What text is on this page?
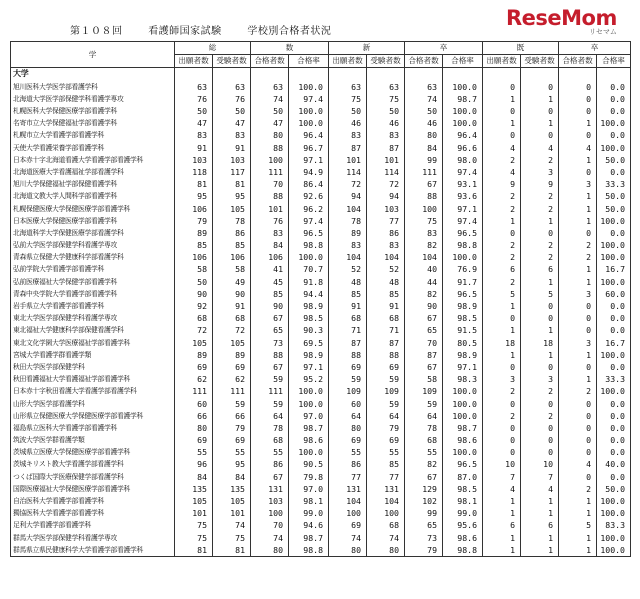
第１０８回	看護師国家試験	学校別合格者状況
ReseMom
リセマム
学	総		数		新		卒		既		卒	
	出願者数	受験者数	合格者数	合格率	出願者数	受験者数	合格者数	合格率	出願者数	受験者数	合格者数	合格率
大学												
旭川医科大学医学部看護学科	63	63	63	100.0	63	63	63	100.0	0	0	0	0.0
北海道大学医学部保健学科看護学専攻	76	76	74	97.4	75	75	74	98.7	1	1	0	0.0
札幌医科大学保健医療学部看護学科	50	50	50	100.0	50	50	50	100.0	0	0	0	0.0
名寄市立大学保健福祉学部看護学科	47	47	47	100.0	46	46	46	100.0	1	1	1	100.0
札幌市立大学看護学部看護学科	83	83	80	96.4	83	83	80	96.4	0	0	0	0.0
天使大学看護栄養学部看護学科	91	91	88	96.7	87	87	84	96.6	4	4	4	100.0
日本赤十字北海道看護大学看護学部看護学科	103	103	100	97.1	101	101	99	98.0	2	2	1	50.0
北海道医療大学看護福祉学部看護学科	118	117	111	94.9	114	114	111	97.4	4	3	0	0.0
旭川大学保健福祉学部保健看護学科	81	81	70	86.4	72	72	67	93.1	9	9	3	33.3
北海道文教大学人間科学部看護学科	95	95	88	92.6	94	94	88	93.6	2	2	1	50.0
札幌保健医療大学保健医療学部看護学科	106	105	101	96.2	104	103	100	97.1	2	2	1	50.0
日本医療大学保健医療学部看護学科	79	78	76	97.4	78	77	75	97.4	1	1	1	100.0
北海道科学大学保健医療学部看護学科	89	86	83	96.5	89	86	83	96.5	0	0	0	0.0
弘前大学医学部保健学科看護学専攻	85	85	84	98.8	83	83	82	98.8	2	2	2	100.0
青森県立保健大学健康科学部看護学科	106	106	106	100.0	104	104	104	100.0	2	2	2	100.0
弘前学院大学看護学部看護学科	58	58	41	70.7	52	52	40	76.9	6	6	1	16.7
弘前医療福祉大学保健学部看護学科	50	49	45	91.8	48	48	44	91.7	2	1	1	100.0
青森中央学院大学看護学部看護学科	90	90	85	94.4	85	85	82	96.5	5	5	3	60.0
岩手県立大学看護学部看護学科	92	91	90	98.9	91	91	90	98.9	1	0	0	0.0
東北大学医学部保健学科看護学専攻	68	68	67	98.5	68	68	67	98.5	0	0	0	0.0
東北福祉大学健康科学部保健看護学科	72	72	65	90.3	71	71	65	91.5	1	1	0	0.0
東北文化学園大学医療福祉学部看護学科	105	105	73	69.5	87	87	70	80.5	18	18	3	16.7
宮城大学看護学群看護学類	89	89	88	98.9	88	88	87	98.9	1	1	1	100.0
秋田大学医学部保健学科	69	69	67	97.1	69	69	67	97.1	0	0	0	0.0
秋田看護福祉大学看護福祉学部看護学科	62	62	59	95.2	59	59	58	98.3	3	3	1	33.3
日本赤十字秋田看護大学看護学部看護学科	111	111	111	100.0	109	109	109	100.0	2	2	2	100.0
山形大学医学部看護学科	60	59	59	100.0	60	59	59	100.0	0	0	0	0.0
山形県立保健医療大学保健医療学部看護学科	66	66	64	97.0	64	64	64	100.0	2	2	0	0.0
福島県立医科大学看護学部看護学科	80	79	78	98.7	80	79	78	98.7	0	0	0	0.0
筑波大学医学群看護学類	69	69	68	98.6	69	69	68	98.6	0	0	0	0.0
茨城県立医療大学保健医療学部看護学科	55	55	55	100.0	55	55	55	100.0	0	0	0	0.0
茨城キリスト教大学看護学部看護学科	96	95	86	90.5	86	85	82	96.5	10	10	4	40.0
つくば国際大学医療保健学部看護学科	84	84	67	79.8	77	77	67	87.0	7	7	0	0.0
国際医療福祉大学保健医療学部看護学科	135	135	131	97.0	131	131	129	98.5	4	4	2	50.0
自治医科大学看護学部看護学科	105	105	103	98.1	104	104	102	98.1	1	1	1	100.0
獨協医科大学看護学部看護学科	101	101	100	99.0	100	100	99	99.0	1	1	1	100.0
足利大学看護学部看護学科	75	74	70	94.6	69	68	65	95.6	6	6	5	83.3
群馬大学医学部保健学科看護学専攻	75	75	74	98.7	74	74	73	98.6	1	1	1	100.0
群馬県立県民健康科学大学看護学部看護学科	81	81	80	98.8	80	80	79	98.8	1	1	1	100.0
